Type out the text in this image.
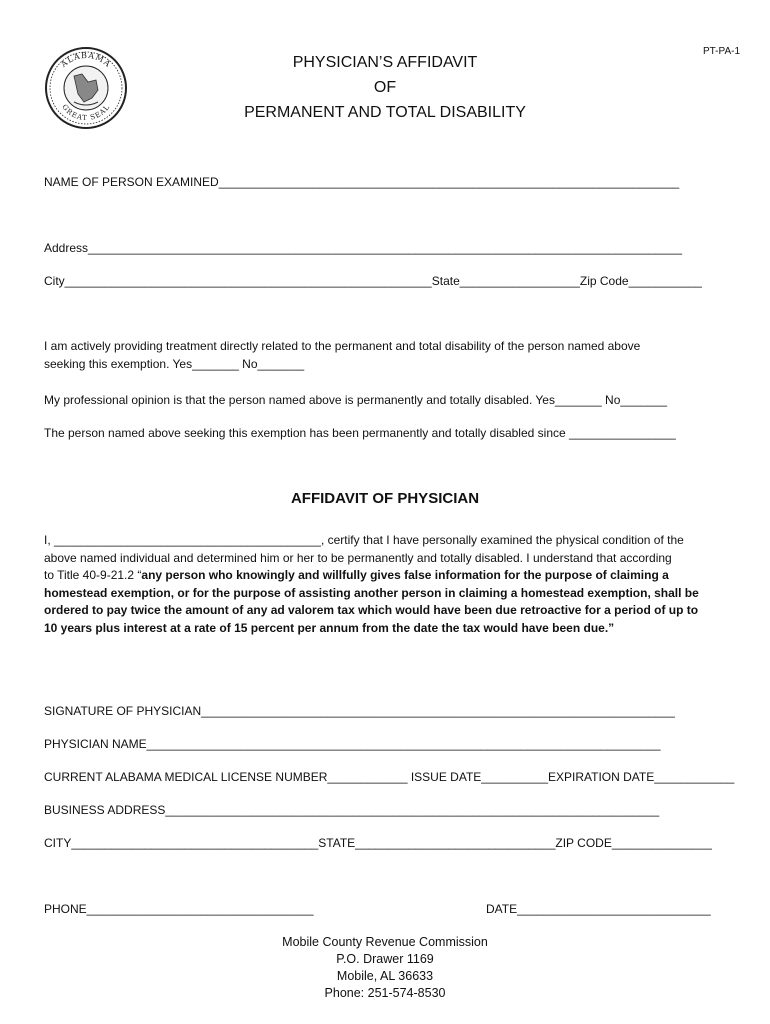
ALABAMA
GREAT SEAL
PT-PA-1
PHYSICIAN’S AFFIDAVIT
OF
PERMANENT AND TOTAL DISABILITY
NAME OF PERSON EXAMINED_____________________________________________________________________
Address_________________________________________________________________________________________
City_______________________________________________________State__________________Zip Code___________
I am actively providing treatment directly related to the permanent and total disability of the person named above
seeking this exemption. Yes_______ No_______
My professional opinion is that the person named above is permanently and totally disabled. Yes_______ No_______
The person named above seeking this exemption has been permanently and totally disabled since ________________
AFFIDAVIT OF PHYSICIAN
I, ________________________________________, certify that I have personally examined the physical condition of the
above named individual and determined him or her to be permanently and totally disabled. I understand that according
to Title 40-9-21.2 “any person who knowingly and willfully gives false information for the purpose of claiming a
homestead exemption, or for the purpose of assisting another person in claiming a homestead exemption, shall be
ordered to pay twice the amount of any ad valorem tax which would have been due retroactive for a period of up to
10 years plus interest at a rate of 15 percent per annum from the date the tax would have been due.”
SIGNATURE OF PHYSICIAN_______________________________________________________________________
PHYSICIAN NAME_____________________________________________________________________________
CURRENT ALABAMA MEDICAL LICENSE NUMBER____________ ISSUE DATE__________EXPIRATION DATE____________
BUSINESS ADDRESS__________________________________________________________________________
CITY_____________________________________STATE______________________________ZIP CODE_______________
PHONE__________________________________	DATE_____________________________
Mobile County Revenue Commission
P.O. Drawer 1169
Mobile, AL 36633
Phone: 251-574-8530
